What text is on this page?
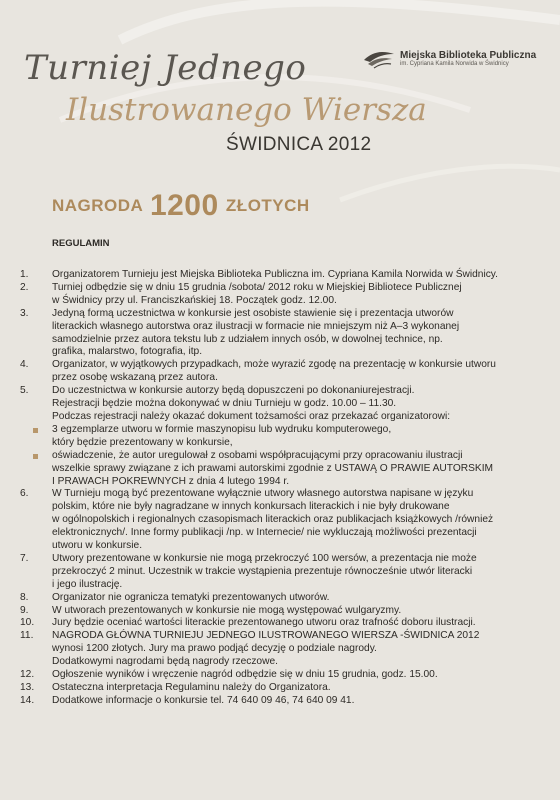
Miejska Biblioteka Publiczna
im. Cypriana Kamila Norwida w Świdnicy
Turniej Jednego
Ilustrowanego Wiersza
ŚWIDNICA 2012
NAGRODA 1200 ZŁOTYCH
REGULAMIN
1.	Organizatorem Turnieju jest Miejska Biblioteka Publiczna im. Cypriana Kamila Norwida w Świdnicy.
2.	Turniej odbędzie się w dniu 15 grudnia /sobota/ 2012 roku w Miejskiej Bibliotece Publicznej
w Świdnicy przy ul. Franciszkańskiej 18. Początek godz. 12.00.
3.	Jedyną formą uczestnictwa w konkursie jest osobiste stawienie się i prezentacja utworów
literackich własnego autorstwa oraz ilustracji w formacie nie mniejszym niż A–3 wykonanej
samodzielnie przez autora tekstu lub z udziałem innych osób, w dowolnej technice, np.
grafika, malarstwo, fotografia, itp.
4.	Organizator, w wyjątkowych przypadkach, może wyrazić zgodę na prezentację w konkursie utworu
przez osobę wskazaną przez autora.
5.	Do uczestnictwa w konkursie autorzy będą dopuszczeni po dokonaniurejestracji.
Rejestracji będzie można dokonywać w dniu Turnieju w godz. 10.00 – 11.30.
Podczas rejestracji należy okazać dokument tożsamości oraz przekazać organizatorowi:
3 egzemplarze utworu w formie maszynopisu lub wydruku komputerowego,
który będzie prezentowany w konkursie,
oświadczenie, że autor uregulował z osobami współpracującymi przy opracowaniu ilustracji
wszelkie sprawy związane z ich prawami autorskimi zgodnie z USTAWĄ O PRAWIE AUTORSKIM
I PRAWACH POKREWNYCH z dnia 4 lutego 1994 r.
6.	W Turnieju mogą być prezentowane wyłącznie utwory własnego autorstwa napisane w języku
polskim, które nie były nagradzane w innych konkursach literackich i nie były drukowane
w ogólnopolskich i regionalnych czasopismach literackich oraz publikacjach książkowych /również
elektronicznych/. Inne formy publikacji /np. w Internecie/ nie wykluczają możliwości prezentacji
utworu w konkursie.
7.	Utwory prezentowane w konkursie nie mogą przekroczyć 100 wersów, a prezentacja nie może
przekroczyć 2 minut. Uczestnik w trakcie wystąpienia prezentuje równocześnie utwór literacki
i jego ilustrację.
8.	Organizator nie ogranicza tematyki prezentowanych utworów.
9.	W utworach prezentowanych w konkursie nie mogą występować wulgaryzmy.
10.	Jury będzie oceniać wartości literackie prezentowanego utworu oraz trafność doboru ilustracji.
11.	NAGRODA GŁÓWNA TURNIEJU JEDNEGO ILUSTROWANEGO WIERSZA -ŚWIDNICA 2012
wynosi 1200 złotych. Jury ma prawo podjąć decyzję o podziale nagrody.
Dodatkowymi nagrodami będą nagrody rzeczowe.
12.	Ogłoszenie wyników i wręczenie nagród odbędzie się w dniu 15 grudnia, godz. 15.00.
13.	Ostateczna interpretacja Regulaminu należy do Organizatora.
14.	Dodatkowe informacje o konkursie tel. 74 640 09 46, 74 640 09 41.
